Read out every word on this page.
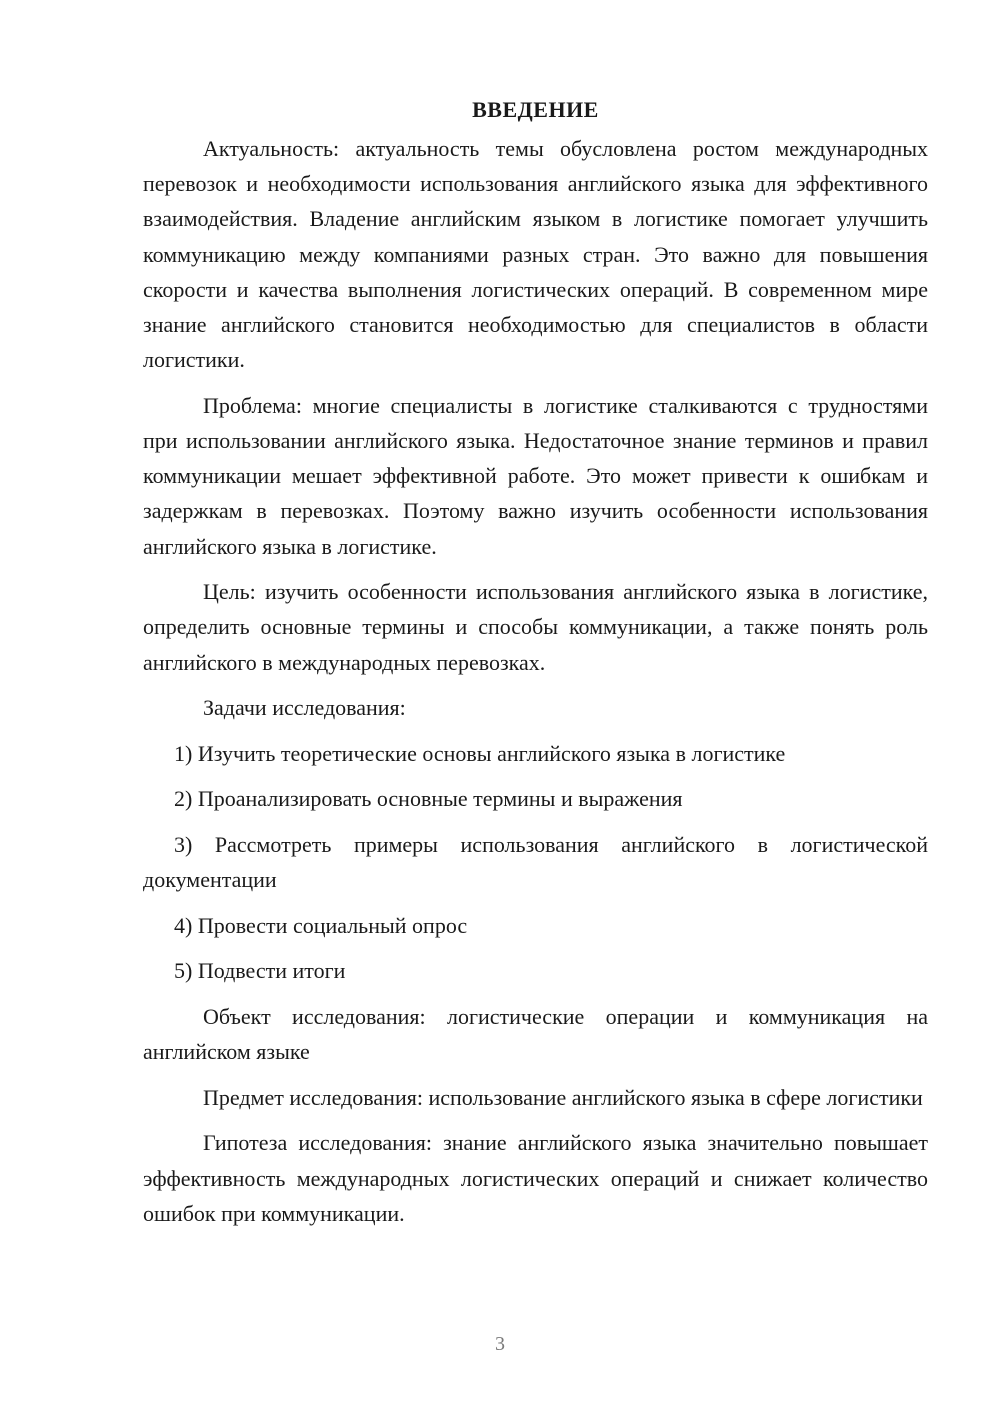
ВВЕДЕНИЕ

Актуальность: актуальность темы обусловлена ростом международных перевозок и необходимости использования английского языка для эффективного взаимодействия. Владение английским языком в логистике помогает улучшить коммуникацию между компаниями разных стран. Это важно для повышения скорости и качества выполнения логистических операций. В современном мире знание английского становится необходимостью для специалистов в области логистики.

Проблема: многие специалисты в логистике сталкиваются с трудностями при использовании английского языка. Недостаточное знание терминов и правил коммуникации мешает эффективной работе. Это может привести к ошибкам и задержкам в перевозках. Поэтому важно изучить особенности использования английского языка в логистике.

Цель: изучить особенности использования английского языка в логистике, определить основные термины и способы коммуникации, а также понять роль английского в международных перевозках.

Задачи исследования:

1) Изучить теоретические основы английского языка в логистике

2) Проанализировать основные термины и выражения

3) Рассмотреть примеры использования английского в логистической документации

4) Провести социальный опрос

5) Подвести итоги

Объект исследования: логистические операции и коммуникация на английском языке

Предмет исследования: использование английского языка в сфере логистики

Гипотеза исследования: знание английского языка значительно повышает эффективность международных логистических операций и снижает количество ошибок при коммуникации.

3
